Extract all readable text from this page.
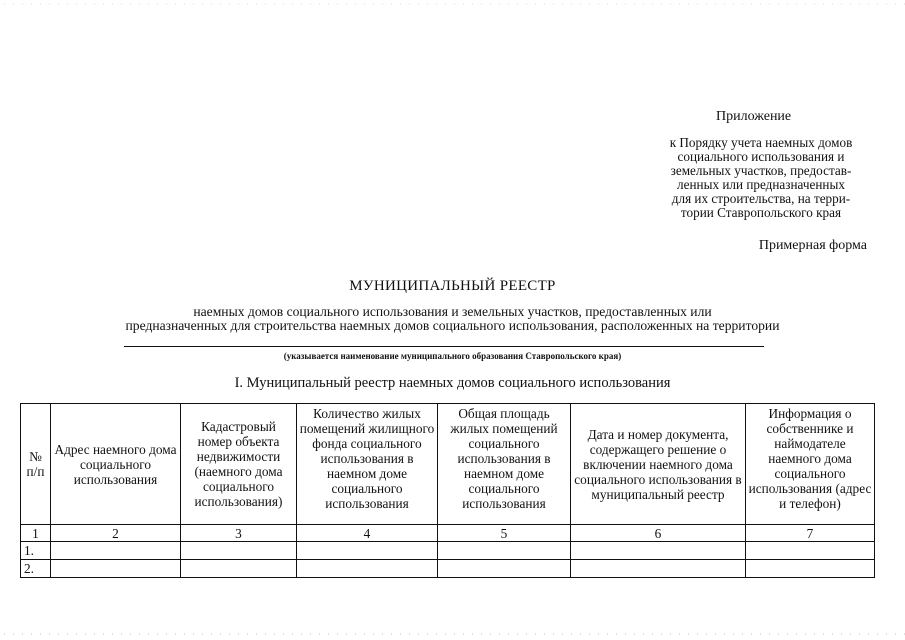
Приложение
к Порядку учета наемных домов
социального использования и
земельных участков, предостав-
ленных или предназначенных
для их строительства, на терри-
тории Ставропольского края
Примерная форма
МУНИЦИПАЛЬНЫЙ РЕЕСТР
наемных домов социального использования и земельных участков, предоставленных или
предназначенных для строительства наемных домов социального использования, расположенных на территории
(указывается наименование муниципального образования Ставропольского края)
I. Муниципальный реестр наемных домов социального использования
№ п/п	Адрес наемного дома социального использования	Кадастровый номер объекта недвижимости (наемного дома социального использования)	Количество жилых помещений жилищного фонда социального использования в наемном доме социального использования	Общая площадь жилых помещений социального использования в наемном доме социального использования	Дата и номер документа, содержащего решение о включении наемного дома социального использования в муниципальный реестр	Информация о собственнике и наймодателе наемного дома социального использования (адрес и телефон)
1	2	3	4	5	6	7
1.						
2.						
